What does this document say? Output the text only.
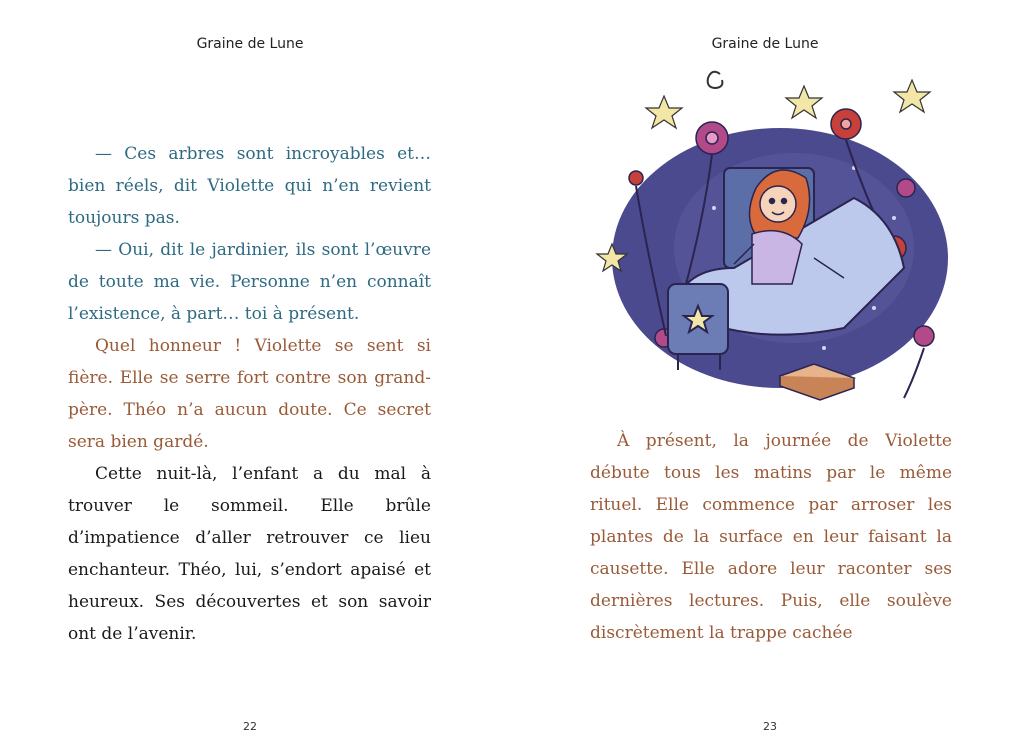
Graine de Lune

— Ces arbres sont incroyables et… bien réels, dit Violette qui n’en revient toujours pas.

— Oui, dit le jardinier, ils sont l’œuvre de toute ma vie. Personne n’en connaît l’existence, à part… toi à présent.

Quel honneur ! Violette se sent si fière. Elle se serre fort contre son grand-père. Théo n’a aucun doute. Ce secret sera bien gardé.

Cette nuit-là, l’enfant a du mal à trouver le sommeil. Elle brûle d’impatience d’aller retrouver ce lieu enchanteur. Théo, lui, s’endort apaisé et heureux. Ses découvertes et son savoir ont de l’avenir.

22
Graine de Lune

À présent, la journée de Violette débute tous les matins par le même rituel. Elle commence par arroser les plantes de la surface en leur faisant la causette. Elle adore leur raconter ses dernières lectures. Puis, elle soulève discrètement la trappe cachée

23
